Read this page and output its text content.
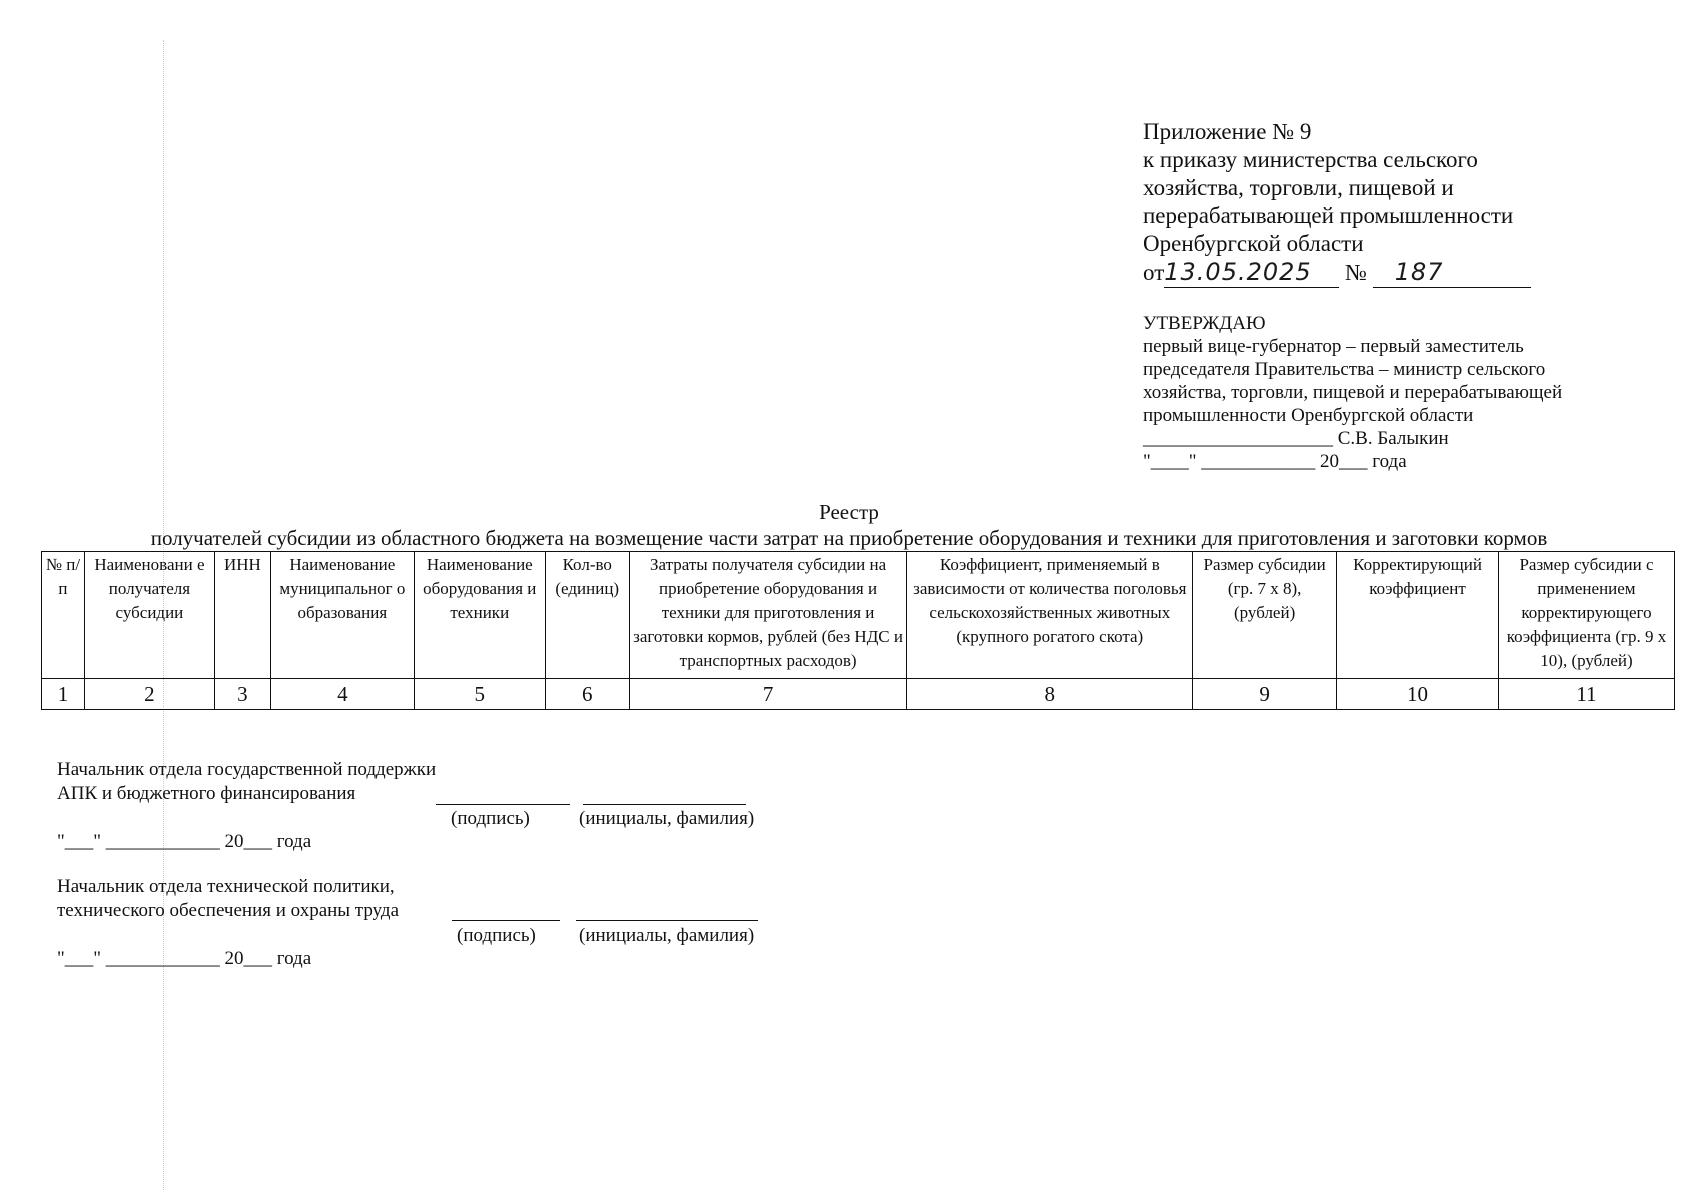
Приложение № 9
к приказу министерства сельского
хозяйства, торговли, пищевой и
перерабатывающей промышленности
Оренбургской области
от13.05.2025 № 187
УТВЕРЖДАЮ
первый вице-губернатор – первый заместитель
председателя Правительства – министр сельского
хозяйства, торговли, пищевой и перерабатывающей
промышленности Оренбургской области
____________________ С.В. Балыкин
"____" ____________ 20___ года
Реестр
получателей субсидии из областного бюджета на возмещение части затрат на приобретение оборудования и техники для приготовления и заготовки кормов
№ п/п	Наименовани е получателя субсидии	ИНН	Наименование муниципальног о образования	Наименование оборудования и техники	Кол-во (единиц)	Затраты получателя субсидии на приобретение оборудования и техники для приготовления и заготовки кормов, рублей (без НДС и транспортных расходов)	Коэффициент, применяемый в зависимости от количества поголовья сельскохозяйственных животных (крупного рогатого скота)	Размер субсидии (гр. 7 х 8), (рублей)	Корректирующий коэффициент	Размер субсидии с применением корректирующего коэффициента (гр. 9 х 10), (рублей)
1	2	3	4	5	6	7	8	9	10	11
Начальник отдела государственной поддержки
АПК и бюджетного финансирования
(подпись)	(инициалы, фамилия)
"___" ____________ 20___ года
Начальник отдела технической политики,
технического обеспечения и охраны труда
(подпись) (инициалы, фамилия)
"___" ____________ 20___ года
